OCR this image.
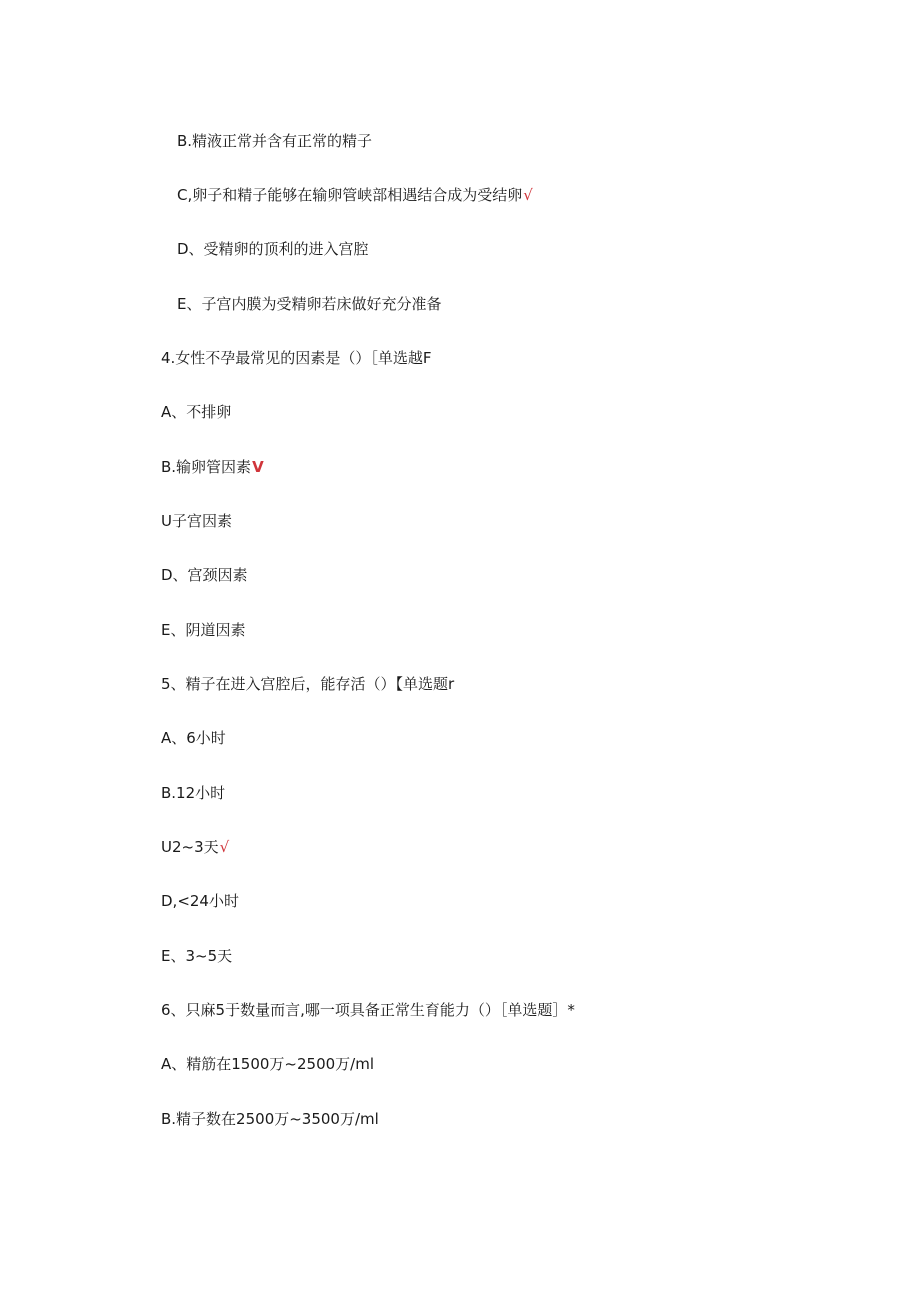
B.精液正常并含有正常的精子
C,卵子和精子能够在输卵管峡部相遇结合成为受结卵√
D、受精卵的顶利的进入宫腔
E、子宫内膜为受精卵若床做好充分准备
4.女性不孕最常见的因素是（）［单选越F
A、不排卵
B.输卵管因素V
U子宫因素
D、宫颈因素
E、阴道因素
5、精子在进入宫腔后，能存活（）【单选题r
A、6小时
B.12小时
U2~3天√
D,<24小时
E、3~5天
6、只麻5于数量而言,哪一项具备正常生育能力（）［单选题］*
A、精筋在1500万~2500万/ml
B.精子数在2500万~3500万/ml
